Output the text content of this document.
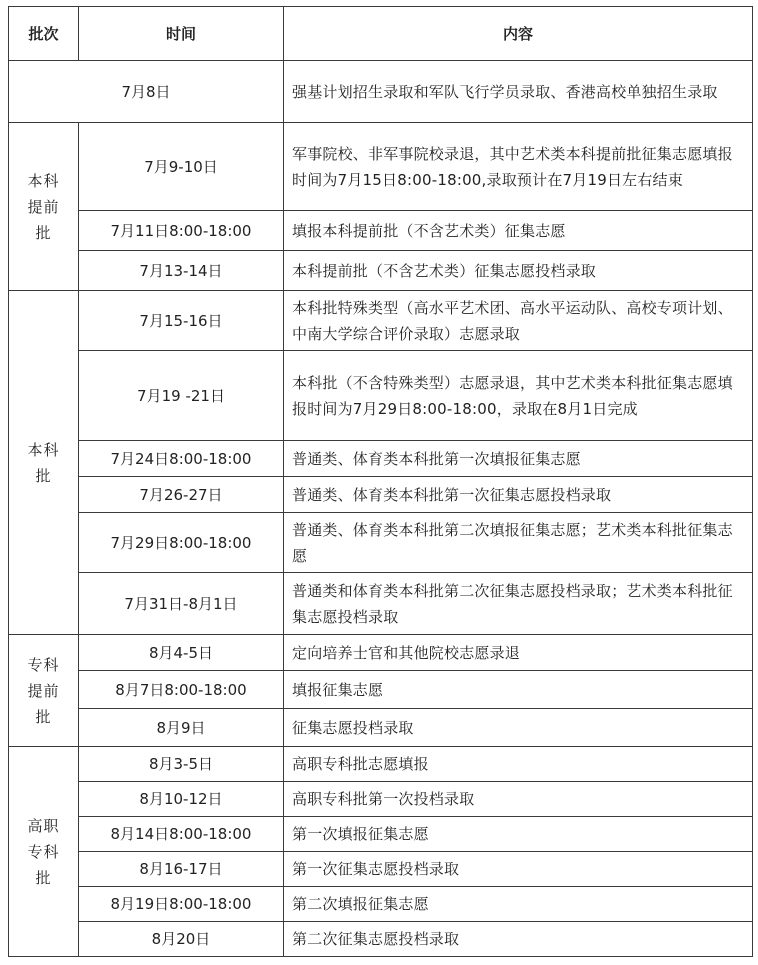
批次	时间	内容
7月8日		强基计划招生录取和军队飞行学员录取、香港高校单独招生录取

本科
提前
批	7月9-10日	军事院校、非军事院校录退，其中艺术类本科提前批征集志愿填报时间为7月15日8:00-18:00,录取预计在7月19日左右结束
	7月11日8:00-18:00	填报本科提前批（不含艺术类）征集志愿
	7月13-14日	本科提前批（不含艺术类）征集志愿投档录取

本科
批	7月15-16日	本科批特殊类型（高水平艺术团、高水平运动队、高校专项计划、中南大学综合评价录取）志愿录取
	7月19 -21日	本科批（不含特殊类型）志愿录退，其中艺术类本科批征集志愿填报时间为7月29日8:00-18:00，录取在8月1日完成
	7月24日8:00-18:00	普通类、体育类本科批第一次填报征集志愿
	7月26-27日	普通类、体育类本科批第一次征集志愿投档录取
	7月29日8:00-18:00	普通类、体育类本科批第二次填报征集志愿；艺术类本科批征集志愿
	7月31日-8月1日	普通类和体育类本科批第二次征集志愿投档录取；艺术类本科批征集志愿投档录取

专科
提前
批	8月4-5日	定向培养士官和其他院校志愿录退
	8月7日8:00-18:00	填报征集志愿
	8月9日	征集志愿投档录取

高职
专科
批	8月3-5日	高职专科批志愿填报
	8月10-12日	高职专科批第一次投档录取
	8月14日8:00-18:00	第一次填报征集志愿
	8月16-17日	第一次征集志愿投档录取
	8月19日8:00-18:00	第二次填报征集志愿
	8月20日	第二次征集志愿投档录取
